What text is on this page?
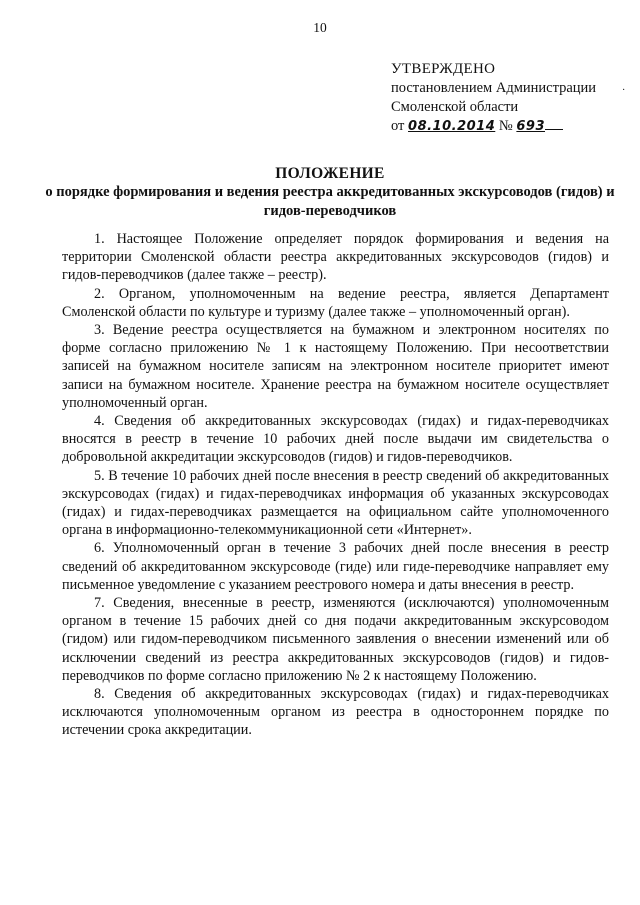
10
УТВЕРЖДЕНО
постановлением Администрации
Смоленской области
от 08.10.2014 № 693
·
ПОЛОЖЕНИЕ
о порядке формирования и ведения реестра аккредитованных экскурсоводов (гидов) и гидов-переводчиков

1. Настоящее Положение определяет порядок формирования и ведения на территории Смоленской области реестра аккредитованных экскурсоводов (гидов) и гидов-переводчиков (далее также – реестр).

2. Органом, уполномоченным на ведение реестра, является Департамент Смоленской области по культуре и туризму (далее также – уполномоченный орган).

3. Ведение реестра осуществляется на бумажном и электронном носителях по форме согласно приложению № 1 к настоящему Положению. При несоответствии записей на бумажном носителе записям на электронном носителе приоритет имеют записи на бумажном носителе. Хранение реестра на бумажном носителе осуществляет уполномоченный орган.

4. Сведения об аккредитованных экскурсоводах (гидах) и гидах-переводчиках вносятся в реестр в течение 10 рабочих дней после выдачи им свидетельства о добровольной аккредитации экскурсоводов (гидов) и гидов-переводчиков.

5. В течение 10 рабочих дней после внесения в реестр сведений об аккредитованных экскурсоводах (гидах) и гидах-переводчиках информация об указанных экскурсоводах (гидах) и гидах-переводчиках размещается на официальном сайте уполномоченного органа в информационно-телекоммуникационной сети «Интернет».

6. Уполномоченный орган в течение 3 рабочих дней после внесения в реестр сведений об аккредитованном экскурсоводе (гиде) или гиде-переводчике направляет ему письменное уведомление с указанием реестрового номера и даты внесения в реестр.

7. Сведения, внесенные в реестр, изменяются (исключаются) уполномоченным органом в течение 15 рабочих дней со дня подачи аккредитованным экскурсоводом (гидом) или гидом-переводчиком письменного заявления о внесении изменений или об исключении сведений из реестра аккредитованных экскурсоводов (гидов) и гидов-переводчиков по форме согласно приложению № 2 к настоящему Положению.

8. Сведения об аккредитованных экскурсоводах (гидах) и гидах-переводчиках исключаются уполномоченным органом из реестра в одностороннем порядке по истечении срока аккредитации.
